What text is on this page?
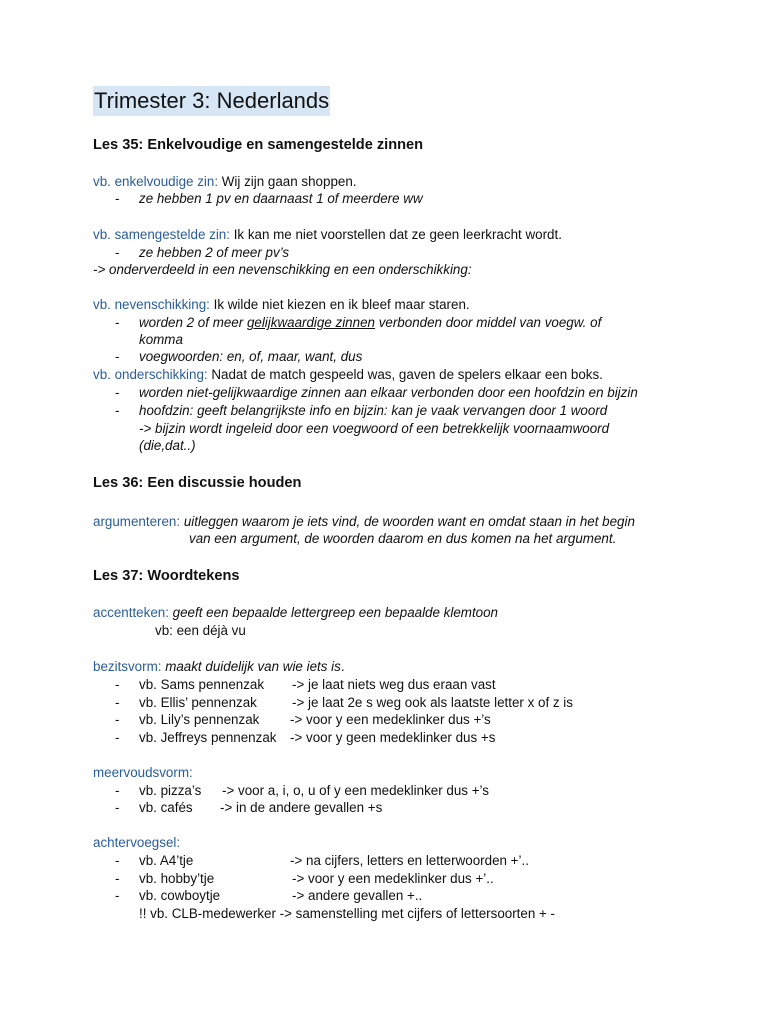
Trimester 3: Nederlands
Les 35: Enkelvoudige en samengestelde zinnen
vb. enkelvoudige zin: Wij zijn gaan shoppen.
-	ze hebben 1 pv en daarnaast 1 of meerdere ww
vb. samengestelde zin: Ik kan me niet voorstellen dat ze geen leerkracht wordt.
-	ze hebben 2 of meer pv’s
-> onderverdeeld in een nevenschikking en een onderschikking:
vb. nevenschikking: Ik wilde niet kiezen en ik bleef maar staren.
-	worden 2 of meer gelijkwaardige zinnen verbonden door middel van voegw. of
komma
-	voegwoorden: en, of, maar, want, dus
vb. onderschikking: Nadat de match gespeeld was, gaven de spelers elkaar een boks.
-	worden niet-gelijkwaardige zinnen aan elkaar verbonden door een hoofdzin en bijzin
-	hoofdzin: geeft belangrijkste info en bijzin: kan je vaak vervangen door 1 woord
-> bijzin wordt ingeleid door een voegwoord of een betrekkelijk voornaamwoord
(die,dat..)
Les 36: Een discussie houden
argumenteren: uitleggen waarom je iets vind, de woorden want en omdat staan in het begin
van een argument, de woorden daarom en dus komen na het argument.
Les 37: Woordtekens
accentteken: geeft een bepaalde lettergreep een bepaalde klemtoon
vb: een déjà vu
bezitsvorm: maakt duidelijk van wie iets is.
-	vb. Sams pennenzak -> je laat niets weg dus eraan vast
-	vb. Ellis’ pennenzak	-> je laat 2e s weg ook als laatste letter x of z is
-	vb. Lily’s pennenzak -> voor y een medeklinker dus +’s
-	vb. Jeffreys pennenzak -> voor y geen medeklinker dus +s
meervoudsvorm:
-	vb. pizza’s -> voor a, i, o, u of y een medeklinker dus +’s
-	vb. cafés -> in de andere gevallen +s
achtervoegsel:
-	vb. A4’tje	-> na cijfers, letters en letterwoorden +’..
-	vb. hobby’tje	-> voor y een medeklinker dus +’..
-	vb. cowboytje	-> andere gevallen +..
!! vb. CLB-medewerker -> samenstelling met cijfers of lettersoorten + -
